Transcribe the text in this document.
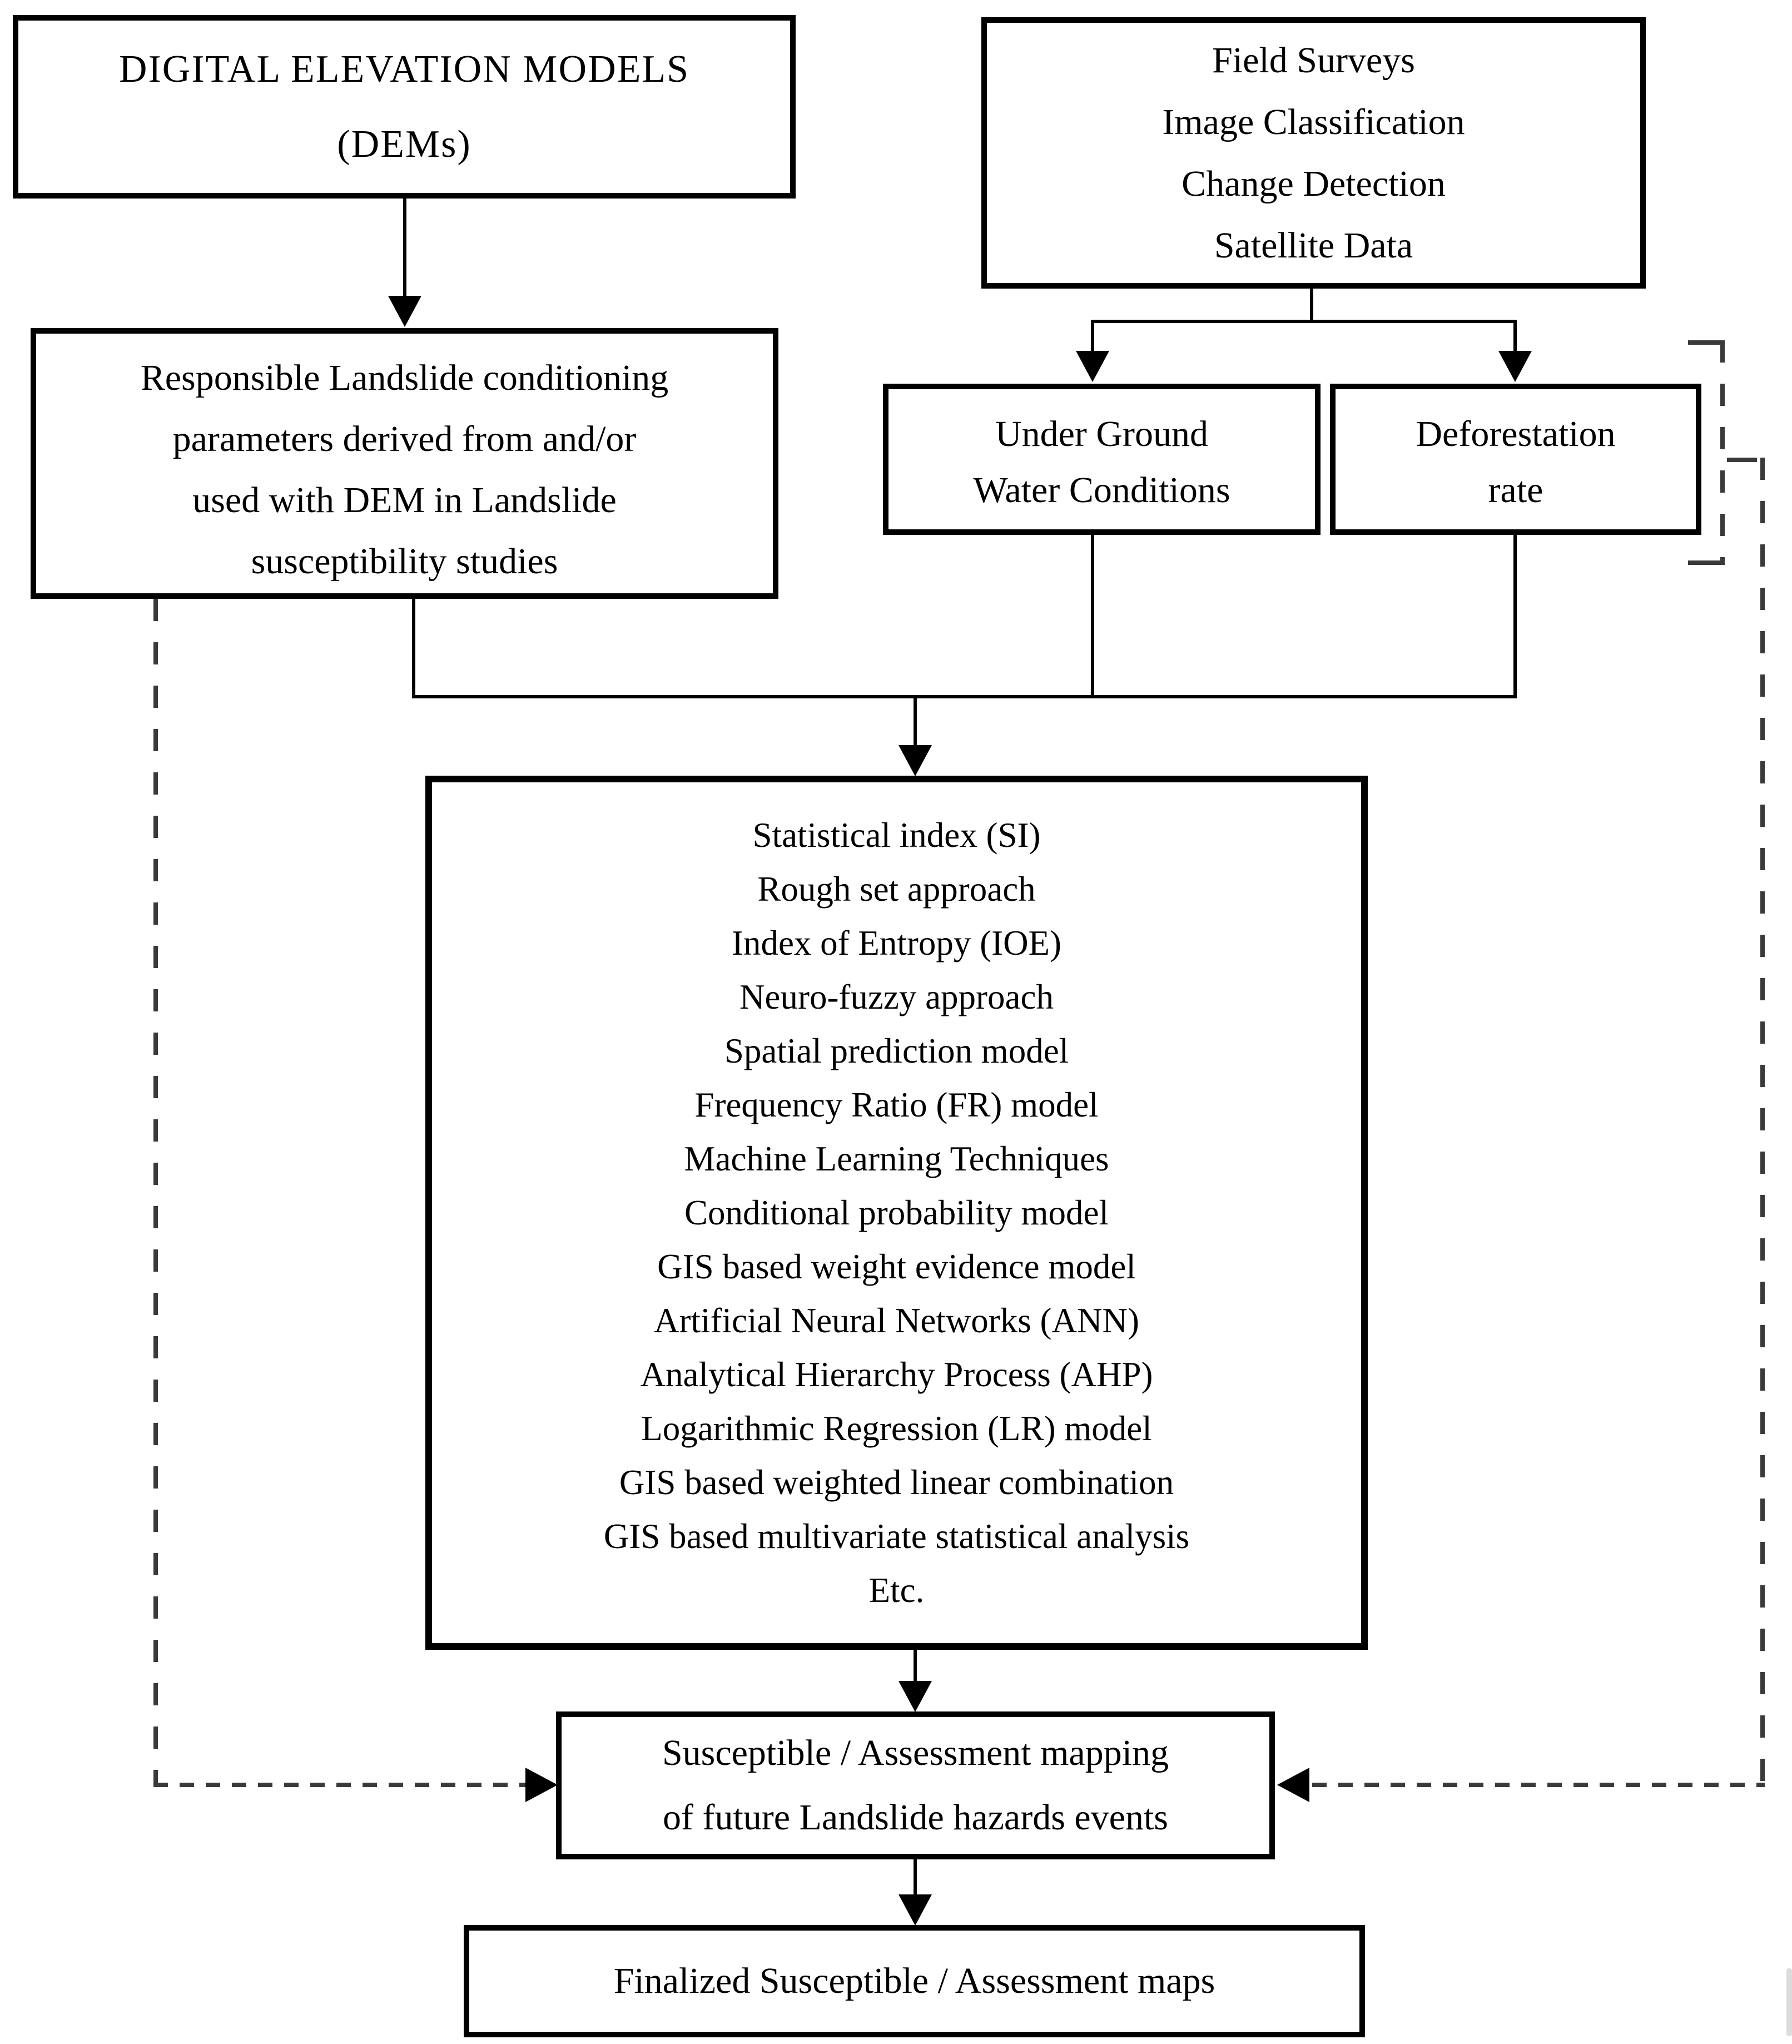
DIGITAL ELEVATION MODELS
(DEMs)
Field Surveys
Image Classification
Change Detection
Satellite Data
Responsible Landslide conditioning
parameters derived from and/or
used with DEM in Landslide
susceptibility studies
Under Ground
Water Conditions
Deforestation
rate
Statistical index (SI)
Rough set approach
Index of Entropy (IOE)
Neuro-fuzzy approach
Spatial prediction model
Frequency Ratio (FR) model
Machine Learning Techniques
Conditional probability model
GIS based weight evidence model
Artificial Neural Networks (ANN)
Analytical Hierarchy Process (AHP)
Logarithmic Regression (LR) model
GIS based weighted linear combination
GIS based multivariate statistical analysis
Etc.
Susceptible / Assessment mapping
of future Landslide hazards events
Finalized Susceptible / Assessment maps
